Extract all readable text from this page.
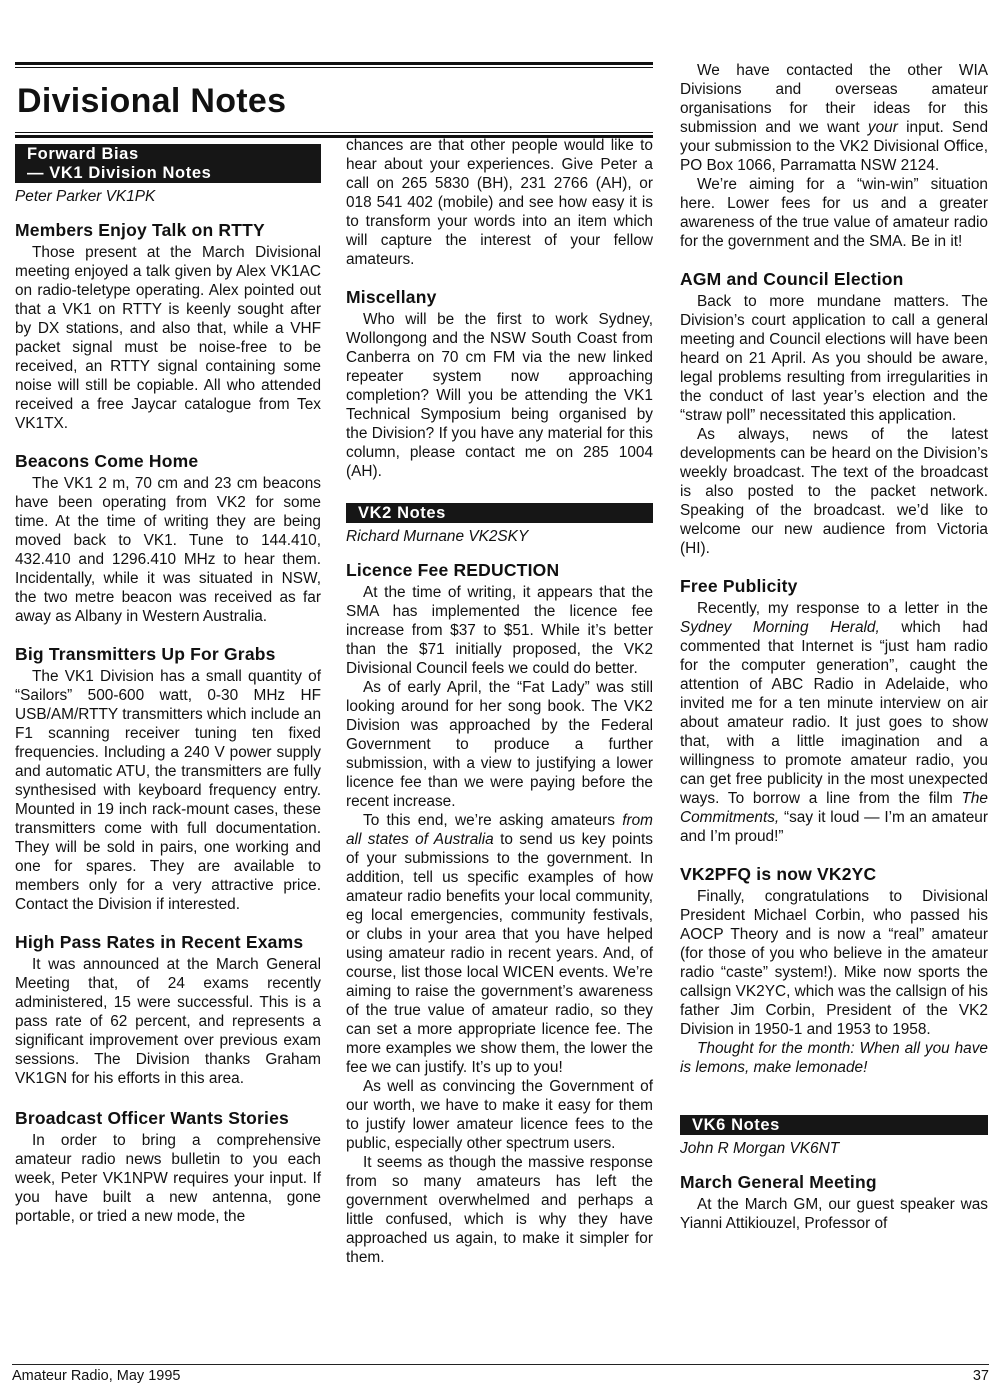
Divisional Notes
Forward Bias
— VK1 Division Notes

Peter Parker VK1PK

Members Enjoy Talk on RTTY

Those present at the March Divisional meeting enjoyed a talk given by Alex VK1AC on radio-teletype operating. Alex pointed out that a VK1 on RTTY is keenly sought after by DX stations, and also that, while a VHF packet signal must be noise-free to be received, an RTTY signal containing some noise will still be copiable. All who attended received a free Jaycar catalogue from Tex VK1TX.

Beacons Come Home

The VK1 2 m, 70 cm and 23 cm beacons have been operating from VK2 for some time. At the time of writing they are being moved back to VK1. Tune to 144.410, 432.410 and 1296.410 MHz to hear them. Incidentally, while it was situated in NSW, the two metre beacon was received as far away as Albany in Western Australia.

Big Transmitters Up For Grabs

The VK1 Division has a small quantity of “Sailors” 500-600 watt, 0-30 MHz HF USB/AM/RTTY transmitters which include an F1 scanning receiver tuning ten fixed frequencies. Including a 240 V power supply and automatic ATU, the transmitters are fully synthesised with keyboard frequency entry. Mounted in 19 inch rack-mount cases, these transmitters come with full documentation. They will be sold in pairs, one working and one for spares. They are available to members only for a very attractive price. Contact the Division if interested.

High Pass Rates in Recent Exams

It was announced at the March General Meeting that, of 24 exams recently administered, 15 were successful. This is a pass rate of 62 percent, and represents a significant improvement over previous exam sessions. The Division thanks Graham VK1GN for his efforts in this area.

Broadcast Officer Wants Stories

In order to bring a comprehensive amateur radio news bulletin to you each week, Peter VK1NPW requires your input. If you have built a new antenna, gone portable, or tried a new mode, the

chances are that other people would like to hear about your experiences. Give Peter a call on 265 5830 (BH), 231 2766 (AH), or 018 541 402 (mobile) and see how easy it is to transform your words into an item which will capture the interest of your fellow amateurs.

Miscellany

Who will be the first to work Sydney, Wollongong and the NSW South Coast from Canberra on 70 cm FM via the new linked repeater system now approaching completion? Will you be attending the VK1 Technical Symposium being organised by the Division? If you have any material for this column, please contact me on 285 1004 (AH).

VK2 Notes

Richard Murnane VK2SKY

Licence Fee REDUCTION

At the time of writing, it appears that the SMA has implemented the licence fee increase from $37 to $51. While it’s better than the $71 initially proposed, the VK2 Divisional Council feels we could do better.

As of early April, the “Fat Lady” was still looking around for her song book. The VK2 Division was approached by the Federal Government to produce a further submission, with a view to justifying a lower licence fee than we were paying before the recent increase.

To this end, we’re asking amateurs from all states of Australia to send us key points of your submissions to the government. In addition, tell us specific examples of how amateur radio benefits your local community, eg local emergencies, community festivals, or clubs in your area that you have helped using amateur radio in recent years. And, of course, list those local WICEN events. We’re aiming to raise the government’s awareness of the true value of amateur radio, so they can set a more appropriate licence fee. The more examples we show them, the lower the fee we can justify. It’s up to you!

As well as convincing the Government of our worth, we have to make it easy for them to justify lower amateur licence fees to the public, especially other spectrum users.

It seems as though the massive response from so many amateurs has left the government overwhelmed and perhaps a little confused, which is why they have approached us again, to make it simpler for them.

We have contacted the other WIA Divisions and overseas amateur organisations for their ideas for this submission and we want your input. Send your submission to the VK2 Divisional Office, PO Box 1066, Parramatta NSW 2124.

We’re aiming for a “win-win” situation here. Lower fees for us and a greater awareness of the true value of amateur radio for the government and the SMA. Be in it!

AGM and Council Election

Back to more mundane matters. The Division’s court application to call a general meeting and Council elections will have been heard on 21 April. As you should be aware, legal problems resulting from irregularities in the conduct of last year’s election and the “straw poll” necessitated this application.

As always, news of the latest developments can be heard on the Division’s weekly broadcast. The text of the broadcast is also posted to the packet network. Speaking of the broadcast. we’d like to welcome our new audience from Victoria (HI).

Free Publicity

Recently, my response to a letter in the Sydney Morning Herald, which had commented that Internet is “just ham radio for the computer generation”, caught the attention of ABC Radio in Adelaide, who invited me for a ten minute interview on air about amateur radio. It just goes to show that, with a little imagination and a willingness to promote amateur radio, you can get free publicity in the most unexpected ways. To borrow a line from the film The Commitments, “say it loud — I’m an amateur and I’m proud!”

VK2PFQ is now VK2YC

Finally, congratulations to Divisional President Michael Corbin, who passed his AOCP Theory and is now a “real” amateur (for those of you who believe in the amateur radio “caste” system!). Mike now sports the callsign VK2YC, which was the callsign of his father Jim Corbin, President of the VK2 Division in 1950-1 and 1953 to 1958.

Thought for the month: When all you have is lemons, make lemonade!

VK6 Notes

John R Morgan VK6NT

March General Meeting

At the March GM, our guest speaker was Yianni Attikiouzel, Professor of

Amateur Radio, May 1995	37
